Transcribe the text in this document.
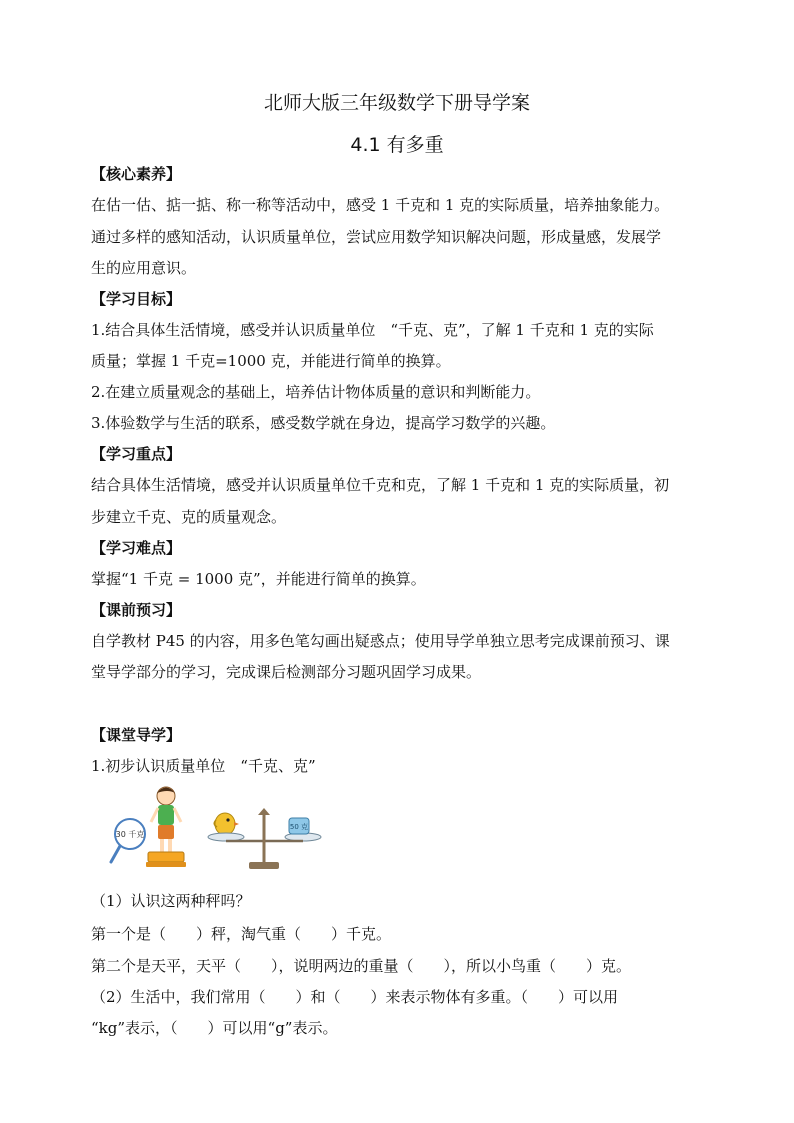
北师大版三年级数学下册导学案
4.1 有多重
【核心素养】
在估一估、掂一掂、称一称等活动中，感受 1 千克和 1 克的实际质量，培养抽象能力。
通过多样的感知活动，认识质量单位，尝试应用数学知识解决问题，形成量感，发展学
生的应用意识。
【学习目标】
1.结合具体生活情境，感受并认识质量单位　“千克、克”，了解 1 千克和 1 克的实际
质量；掌握 1 千克=1000 克，并能进行简单的换算。
2.在建立质量观念的基础上，培养估计物体质量的意识和判断能力。
3.体验数学与生活的联系，感受数学就在身边，提高学习数学的兴趣。
【学习重点】
结合具体生活情境，感受并认识质量单位千克和克，了解 1 千克和 1 克的实际质量，初
步建立千克、克的质量观念。
【学习难点】
掌握“1 千克 = 1000 克”，并能进行简单的换算。
【课前预习】
自学教材 P45 的内容，用多色笔勾画出疑惑点；使用导学单独立思考完成课前预习、课
堂导学部分的学习，完成课后检测部分习题巩固学习成果。
【课堂导学】
1.初步认识质量单位　“千克、克”
30 千克
50 克
（1）认识这两种秤吗？
第一个是（　　）秤，淘气重（　　）千克。
第二个是天平，天平（　　），说明两边的重量（　　），所以小鸟重（　　）克。
（2）生活中，我们常用（　　）和（　　）来表示物体有多重。（　　）可以用
“kg”表示，（　　）可以用“g”表示。
